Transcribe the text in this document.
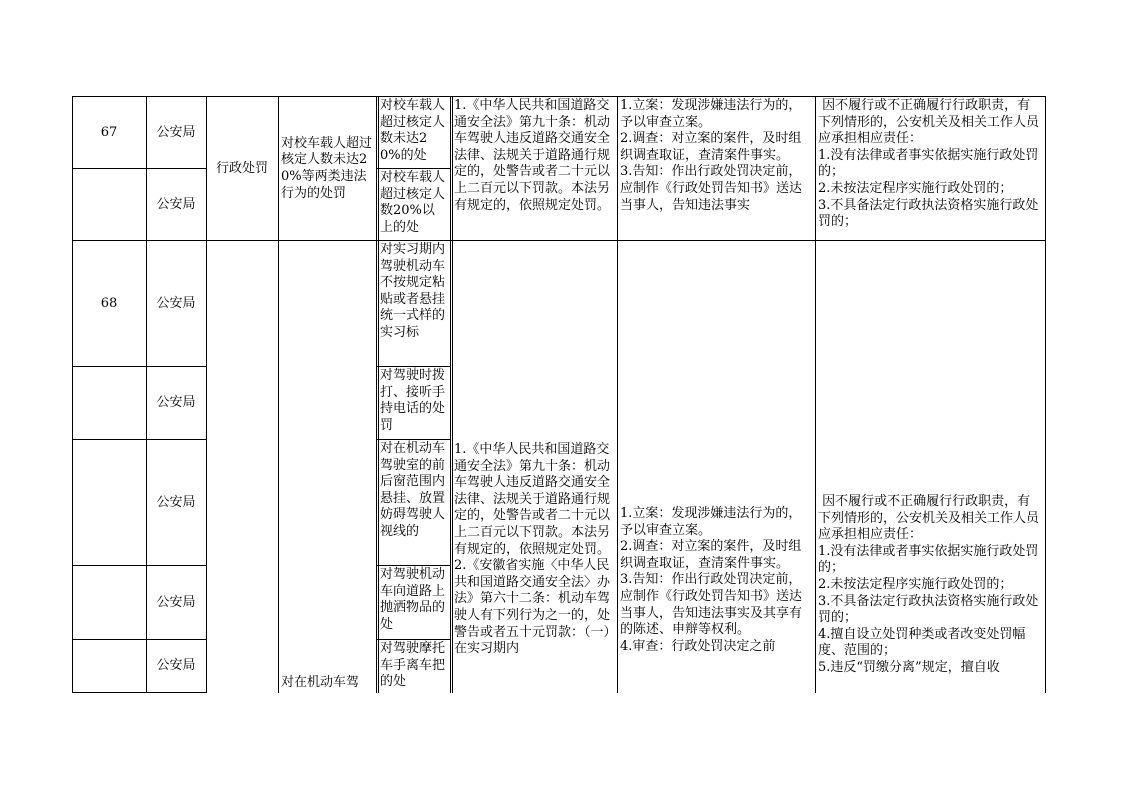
67	公安局
公安局
行政处罚
对校车载人超过核定人数未达20%等两类违法行为的处罚
对校车载人超过核定人数未达20%的处
对校车载人超过核定人数20%以上的处
1.《中华人民共和国道路交通安全法》第九十条：机动车驾驶人违反道路交通安全法律、法规关于道路通行规定的，处警告或者二十元以上二百元以下罚款。本法另有规定的，依照规定处罚。
1.立案：发现涉嫌违法行为的，予以审查立案。
2.调查：对立案的案件，及时组织调查取证，查清案件事实。
3.告知：作出行政处罚决定前，应制作《行政处罚告知书》送达当事人，告知违法事实
因不履行或不正确履行行政职责，有下列情形的，公安机关及相关工作人员应承担相应责任：
1.没有法律或者事实依据实施行政处罚的；
2.未按法定程序实施行政处罚的；
3.不具备法定行政执法资格实施行政处罚的；
68	公安局
公安局
公安局
公安局
公安局
对在机动车驾
对实习期内驾驶机动车不按规定粘贴或者悬挂统一式样的实习标
对驾驶时拨打、接听手持电话的处罚
对在机动车驾驶室的前后窗范围内悬挂、放置妨碍驾驶人视线的
对驾驶机动车向道路上抛洒物品的处
对驾驶摩托车手离车把的处
1.《中华人民共和国道路交通安全法》第九十条：机动车驾驶人违反道路交通安全法律、法规关于道路通行规定的，处警告或者二十元以上二百元以下罚款。本法另有规定的，依照规定处罚。
2.《安徽省实施〈中华人民共和国道路交通安全法〉办法》第六十二条：机动车驾驶人有下列行为之一的，处警告或者五十元罚款：（一）在实习期内
1.立案：发现涉嫌违法行为的，予以审查立案。
2.调查：对立案的案件，及时组织调查取证，查清案件事实。
3.告知：作出行政处罚决定前，应制作《行政处罚告知书》送达当事人，告知违法事实及其享有的陈述、申辩等权利。
4.审查：行政处罚决定之前
因不履行或不正确履行行政职责，有下列情形的，公安机关及相关工作人员应承担相应责任：
1.没有法律或者事实依据实施行政处罚的；
2.未按法定程序实施行政处罚的；
3.不具备法定行政执法资格实施行政处罚的；
4.擅自设立处罚种类或者改变处罚幅度、范围的；
5.违反“罚缴分离”规定，擅自收
